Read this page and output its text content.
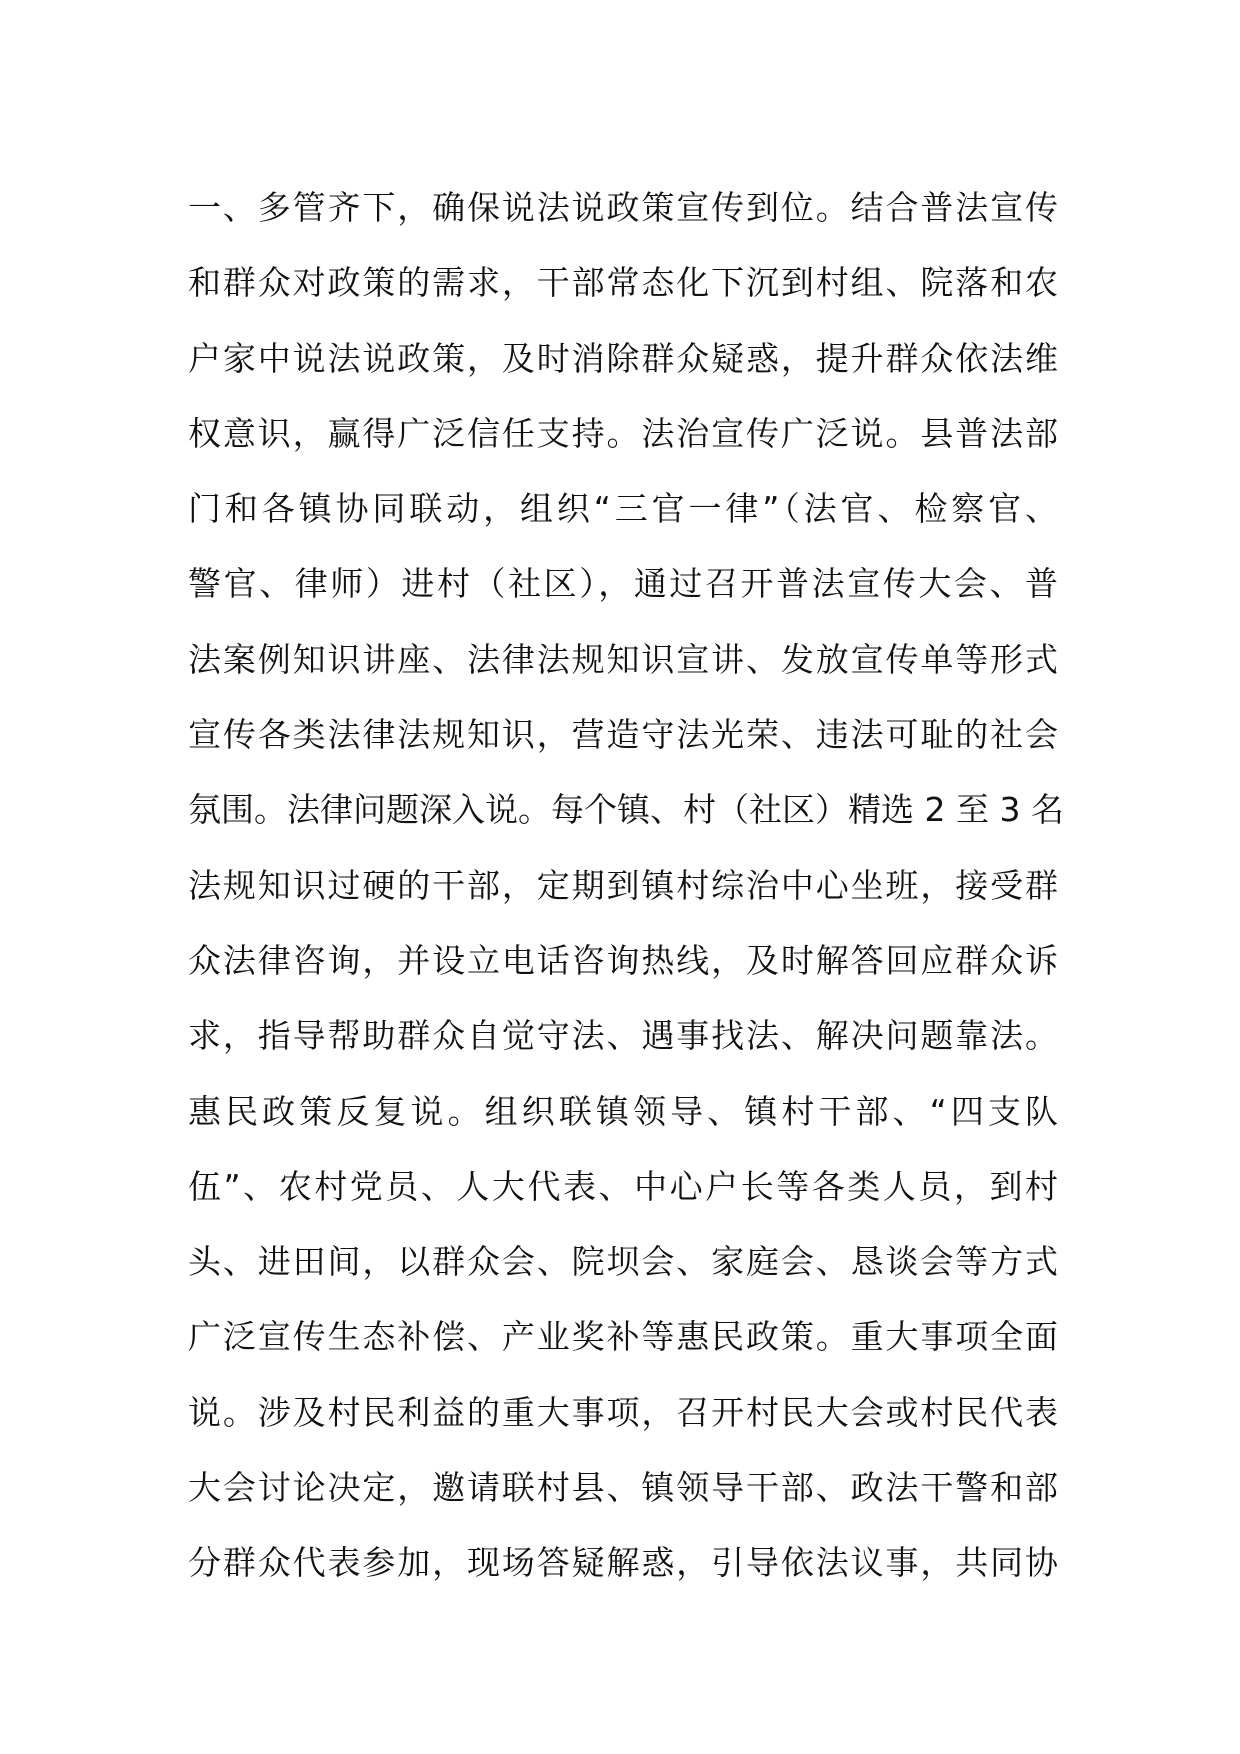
一、多管齐下，确保说法说政策宣传到位。结合普法宣传
和群众对政策的需求，干部常态化下沉到村组、院落和农
户家中说法说政策，及时消除群众疑惑，提升群众依法维
权意识，赢得广泛信任支持。法治宣传广泛说。县普法部
门和各镇协同联动，组织“三官一律”（法官、检察官、
警官、律师）进村（社区），通过召开普法宣传大会、普
法案例知识讲座、法律法规知识宣讲、发放宣传单等形式
宣传各类法律法规知识，营造守法光荣、违法可耻的社会
氛围。法律问题深入说。每个镇、村（社区）精选 2 至 3 名
法规知识过硬的干部，定期到镇村综治中心坐班，接受群
众法律咨询，并设立电话咨询热线，及时解答回应群众诉
求，指导帮助群众自觉守法、遇事找法、解决问题靠法。
惠民政策反复说。组织联镇领导、镇村干部、“四支队
伍”、农村党员、人大代表、中心户长等各类人员，到村
头、进田间，以群众会、院坝会、家庭会、恳谈会等方式
广泛宣传生态补偿、产业奖补等惠民政策。重大事项全面
说。涉及村民利益的重大事项，召开村民大会或村民代表
大会讨论决定，邀请联村县、镇领导干部、政法干警和部
分群众代表参加，现场答疑解惑，引导依法议事，共同协
